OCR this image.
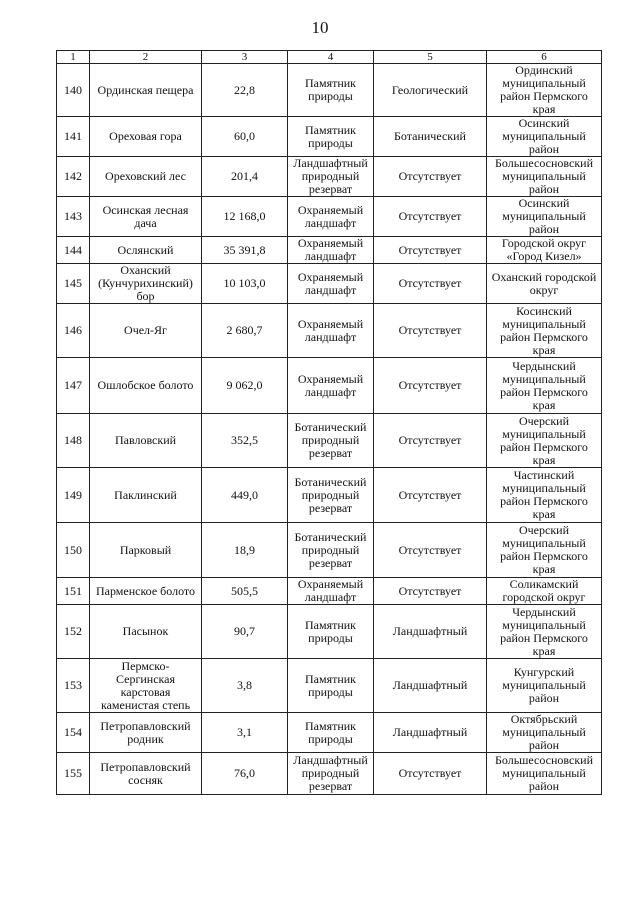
10
1	2	3	4	5	6
140	Ординская пещера	22,8	Памятник природы	Геологический	Ординский муниципальный район Пермского края
141	Ореховая гора	60,0	Памятник природы	Ботанический	Осинский муниципальный район
142	Ореховский лес	201,4	Ландшафтный природный резерват	Отсутствует	Большесосновский муниципальный район
143	Осинская лесная дача	12 168,0	Охраняемый ландшафт	Отсутствует	Осинский муниципальный район
144	Ослянский	35 391,8	Охраняемый ландшафт	Отсутствует	Городской округ «Город Кизел»
145	Оханский (Кунчурихинский) бор	10 103,0	Охраняемый ландшафт	Отсутствует	Оханский городской округ
146	Очел-Яг	2 680,7	Охраняемый ландшафт	Отсутствует	Косинский муниципальный район Пермского края
147	Ошлобское болото	9 062,0	Охраняемый ландшафт	Отсутствует	Чердынский муниципальный район Пермского края
148	Павловский	352,5	Ботанический природный резерват	Отсутствует	Очерский муниципальный район Пермского края
149	Паклинский	449,0	Ботанический природный резерват	Отсутствует	Частинский муниципальный район Пермского края
150	Парковый	18,9	Ботанический природный резерват	Отсутствует	Очерский муниципальный район Пермского края
151	Парменское болото	505,5	Охраняемый ландшафт	Отсутствует	Соликамский городской округ
152	Пасынок	90,7	Памятник природы	Ландшафтный	Чердынский муниципальный район Пермского края
153	Пермско-Сергинская карстовая каменистая степь	3,8	Памятник природы	Ландшафтный	Кунгурский муниципальный район
154	Петропавловский родник	3,1	Памятник природы	Ландшафтный	Октябрьский муниципальный район
155	Петропавловский сосняк	76,0	Ландшафтный природный резерват	Отсутствует	Большесосновский муниципальный район
